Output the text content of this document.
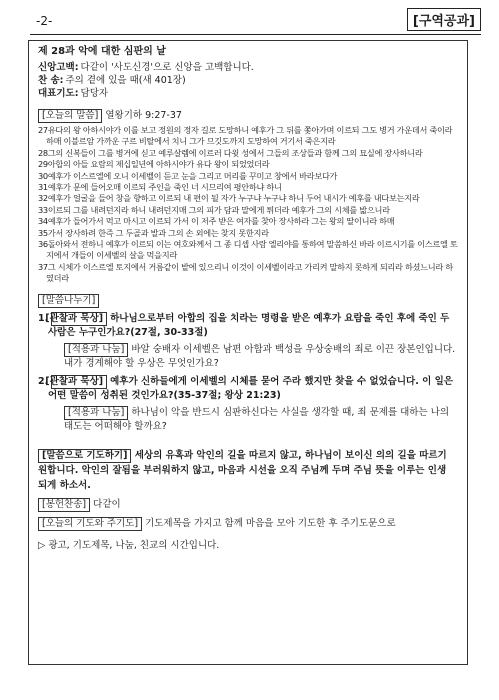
-2-	[구역공과]
제 28과 악에 대한 심판의 날
신앙고백: 다같이 '사도신경'으로 신앙을 고백합니다.
찬 송: 주의 곁에 있을 때(새 401장)
대표기도: 담당자
[오늘의 말씀] 열왕기하 9:27-37
27유다의 왕 아하시야가 이를 보고 정원의 정자 길로 도망하니 예후가 그 뒤를 쫓아가며 이르되 그도 병거 가운데서 죽이라 하매 이블르암 가까운 구르 비탈에서 치니 그가 므깃도까지 도망하여 거기서 죽은지라
28그의 신복들이 그를 병거에 싣고 예루살렘에 이르러 다윗 성에서 그들의 조상들과 함께 그의 묘실에 장사하니라
29아합의 아들 요람의 제십일년에 아하시야가 유다 왕이 되었었더라
30예후가 이스르엘에 오니 이세벨이 듣고 눈을 그리고 머리를 꾸미고 창에서 바라보다가
31예후가 문에 들어오매 이르되 주인을 죽인 너 시므리여 평안하냐 하니
32예후가 얼굴을 들어 창을 향하고 이르되 내 편이 될 자가 누구냐 누구냐 하니 두어 내시가 예후를 내다보는지라
33이르되 그를 내려던지라 하니 내려던지매 그의 피가 담과 말에게 튀더라 예후가 그의 시체를 밟으니라
34예후가 들어가서 먹고 마시고 이르되 가서 이 저주 받은 여자를 찾아 장사하라 그는 왕의 딸이니라 하매
35가서 장사하려 한즉 그 두골과 발과 그의 손 외에는 찾지 못한지라
36돌아와서 전하니 예후가 이르되 이는 여호와께서 그 종 디셉 사람 엘리야를 통하여 말씀하신 바라 이르시기를 이스르엘 토지에서 개들이 이세벨의 살을 먹을지라
37그 시체가 이스르엘 토지에서 거름같이 밭에 있으리니 이것이 이세벨이라고 가리켜 말하지 못하게 되리라 하셨느니라 하였더라
[말씀나누기]
1.[관찰과 묵상] 하나님으로부터 아합의 집을 치라는 명령을 받은 예후가 요람을 죽인 후에 죽인 두 사람은 누구인가요?(27절, 30-33절)
[적용과 나눔] 바알 숭배자 이세벨은 남편 아합과 백성을 우상숭배의 죄로 이끈 장본인입니다. 내가 경계해야 할 우상은 무엇인가요?
2.[관찰과 묵상] 예후가 신하들에게 이세벨의 시체를 묻어 주라 했지만 찾을 수 없었습니다. 이 일은 어떤 말씀이 성취된 것인가요?(35-37절; 왕상 21:23)
[적용과 나눔] 하나님이 악을 반드시 심판하신다는 사실을 생각할 때, 죄 문제를 대하는 나의 태도는 어떠해야 할까요?
[말씀으로 기도하기] 세상의 유혹과 악인의 길을 따르지 않고, 하나님이 보이신 의의 길을 따르기 원합니다. 악인의 잘됨을 부러워하지 않고, 마음과 시선을 오직 주님께 두며 주님 뜻을 이루는 인생 되게 하소서.
[봉헌찬송] 다같이
[오늘의 기도와 주기도] 기도제목을 가지고 함께 마음을 모아 기도한 후 주기도문으로
▷ 광고, 기도제목, 나눔, 친교의 시간입니다.
